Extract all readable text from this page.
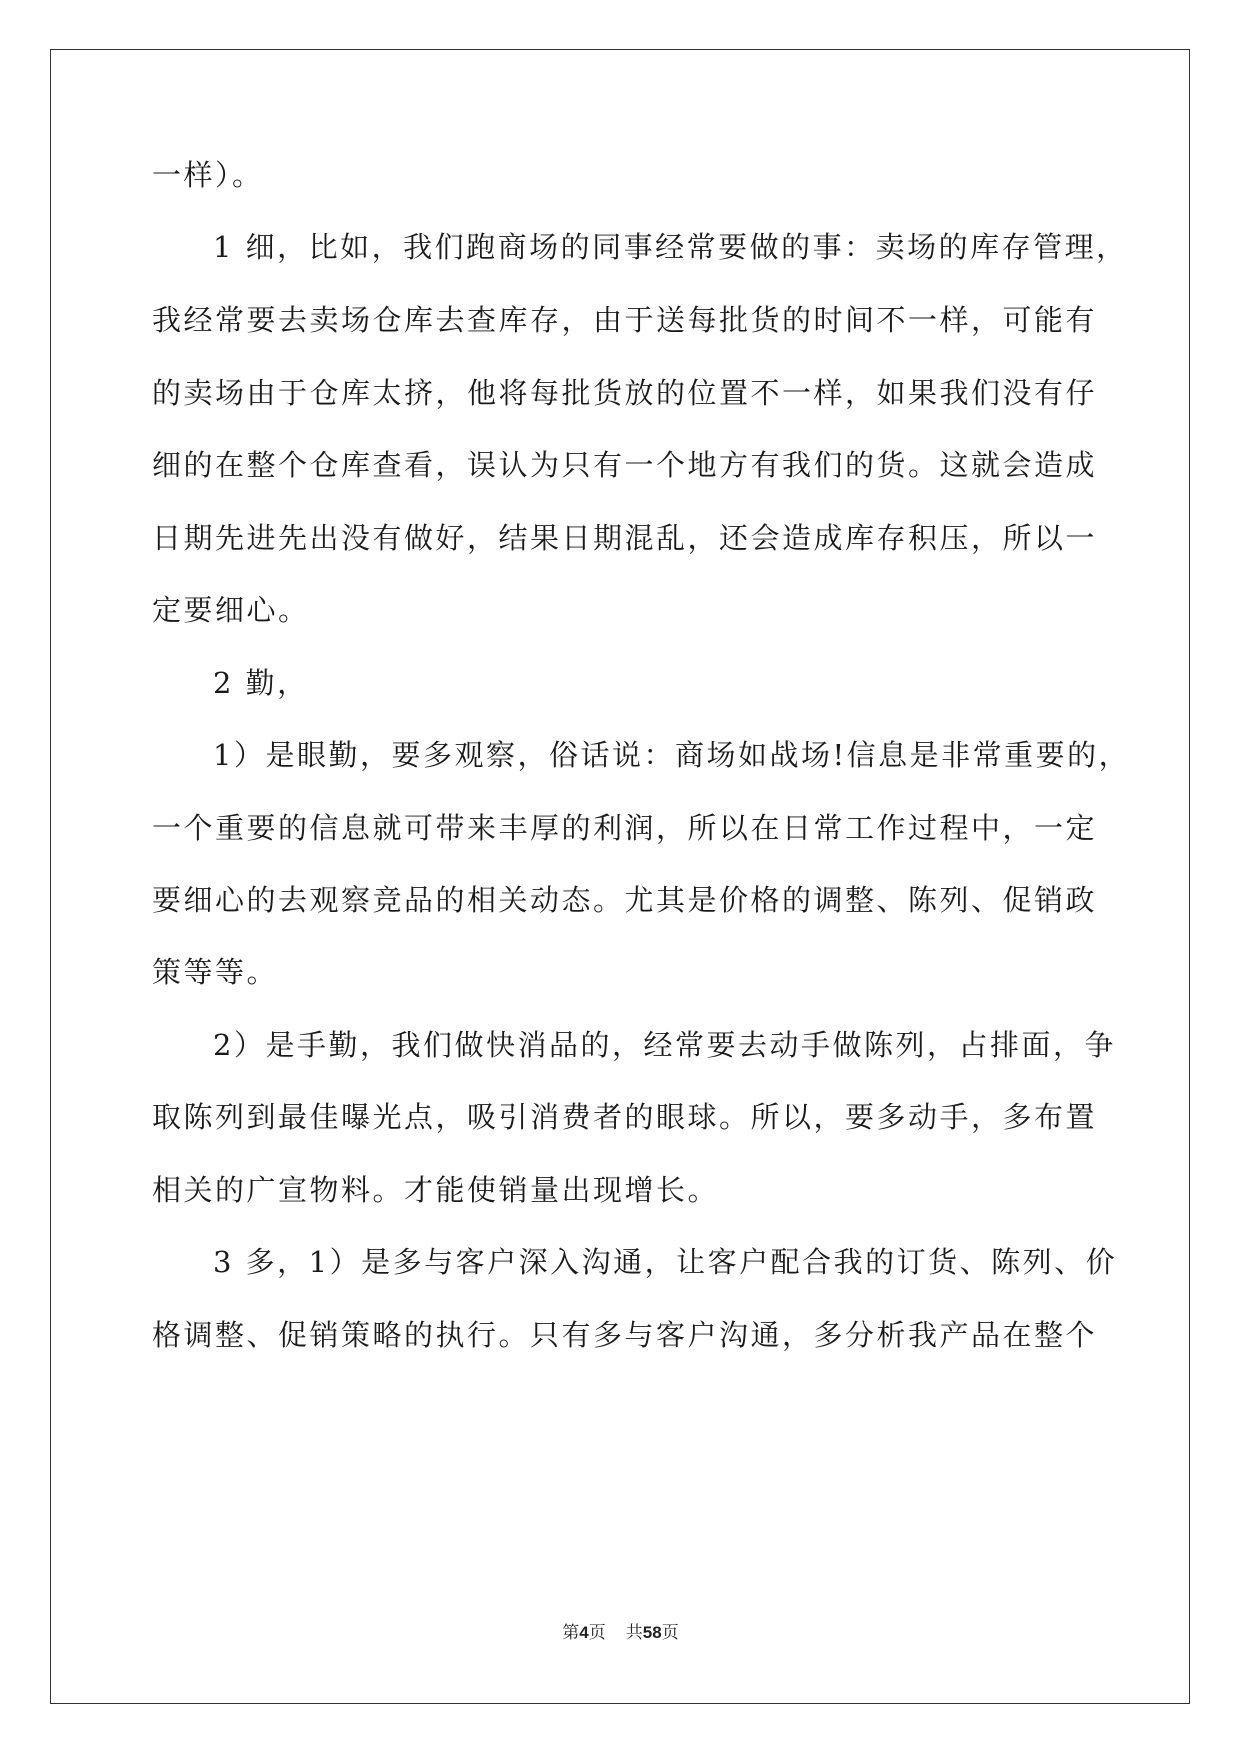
一样）。
1 细，比如，我们跑商场的同事经常要做的事：卖场的库存管理，
我经常要去卖场仓库去查库存，由于送每批货的时间不一样，可能有
的卖场由于仓库太挤，他将每批货放的位置不一样，如果我们没有仔
细的在整个仓库查看，误认为只有一个地方有我们的货。这就会造成
日期先进先出没有做好，结果日期混乱，还会造成库存积压，所以一
定要细心。
2 勤，
1）是眼勤，要多观察，俗话说：商场如战场!信息是非常重要的，
一个重要的信息就可带来丰厚的利润，所以在日常工作过程中，一定
要细心的去观察竞品的相关动态。尤其是价格的调整、陈列、促销政
策等等。
2）是手勤，我们做快消品的，经常要去动手做陈列，占排面，争
取陈列到最佳曝光点，吸引消费者的眼球。所以，要多动手，多布置
相关的广宣物料。才能使销量出现增长。
3 多，1）是多与客户深入沟通，让客户配合我的订货、陈列、价
格调整、促销策略的执行。只有多与客户沟通，多分析我产品在整个
第4页 共58页
